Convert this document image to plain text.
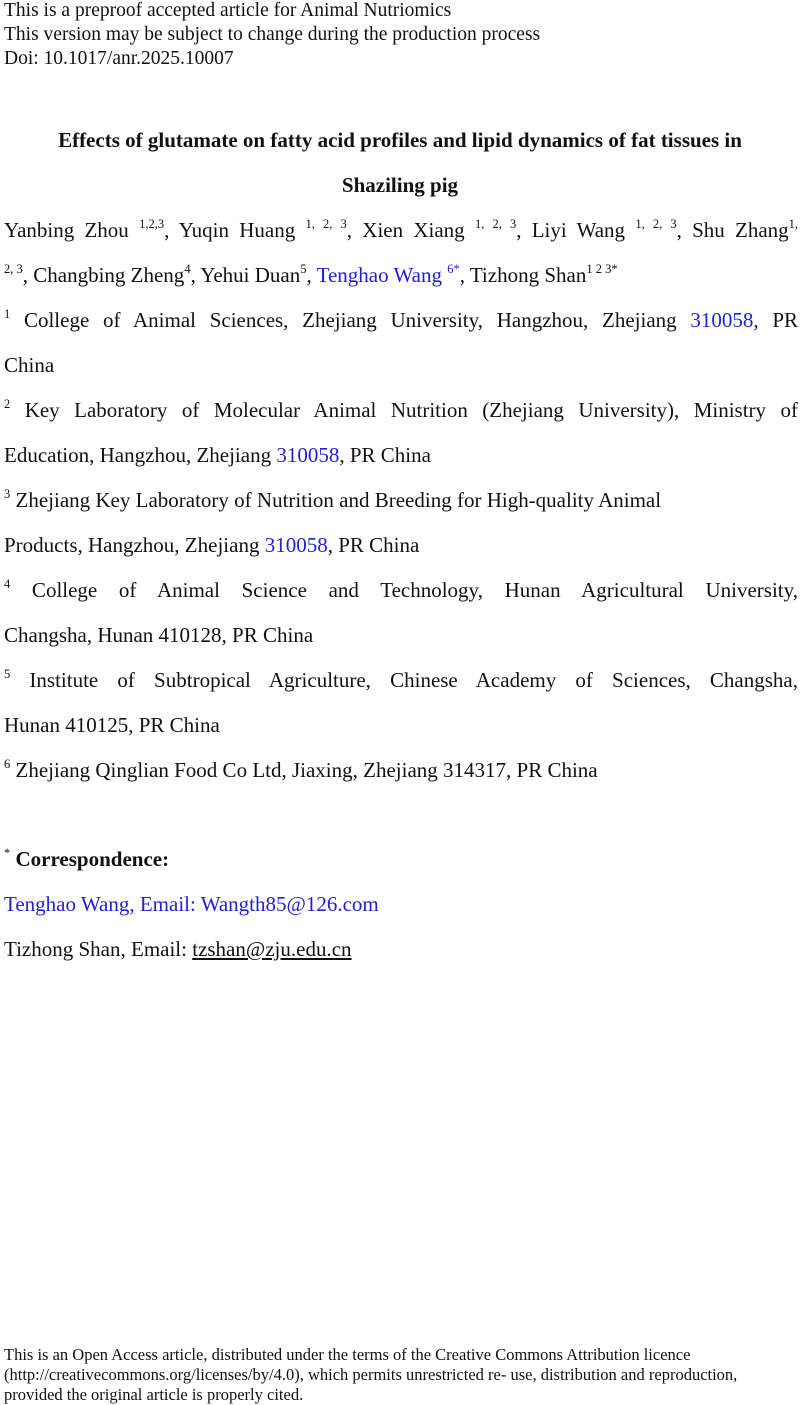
This is a preproof accepted article for Animal Nutriomics
This version may be subject to change during the production process
Doi: 10.1017/anr.2025.10007
Effects of glutamate on fatty acid profiles and lipid dynamics of fat tissues in
Shaziling pig
Yanbing Zhou $^{1,2,3}$, Yuqin Huang $^{1, 2, 3}$, Xien Xiang $^{1, 2, 3}$, Liyi Wang $^{1, 2, 3}$, Shu Zhang$^{1,}$
$^{2, 3}$, Changbing Zheng$^4$, Yehui Duan$^5$, Tenghao Wang $^{6*}$, Tizhong Shan$^{1 2 3*}$
$^1$ College of Animal Sciences, Zhejiang University, Hangzhou, Zhejiang 310058, PR
China
$^2$ Key Laboratory of Molecular Animal Nutrition (Zhejiang University), Ministry of
Education, Hangzhou, Zhejiang 310058, PR China
$^3$ Zhejiang Key Laboratory of Nutrition and Breeding for High-quality Animal
Products, Hangzhou, Zhejiang 310058, PR China
$^4$ College of Animal Science and Technology, Hunan Agricultural University,
Changsha, Hunan 410128, PR China
$^5$ Institute of Subtropical Agriculture, Chinese Academy of Sciences, Changsha,
Hunan 410125, PR China
$^6$ Zhejiang Qinglian Food Co Ltd, Jiaxing, Zhejiang 314317, PR China
* Correspondence:
Tenghao Wang, Email: Wangth85@126.com
Tizhong Shan, Email: tzshan@zju.edu.cn
This is an Open Access article, distributed under the terms of the Creative Commons Attribution licence
(http://creativecommons.org/licenses/by/4.0), which permits unrestricted re- use, distribution and reproduction,
provided the original article is properly cited.
